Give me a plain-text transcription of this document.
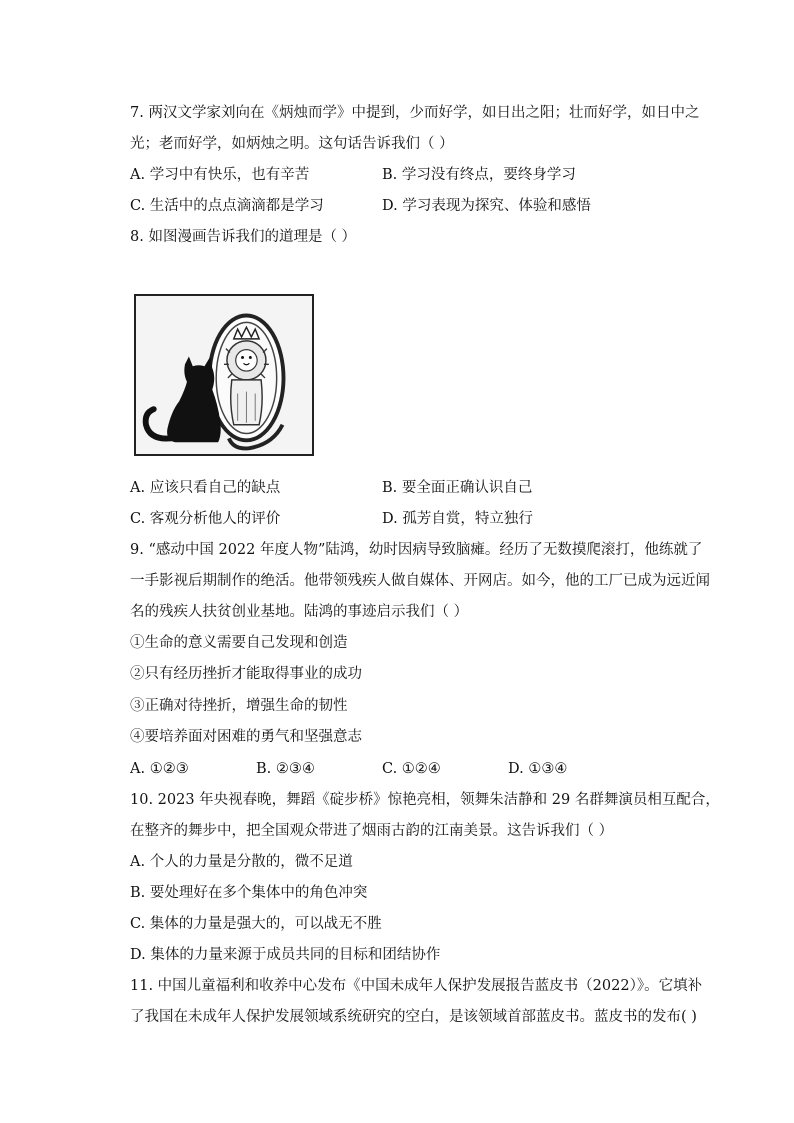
7. 两汉文学家刘向在《炳烛而学》中提到，少而好学，如日出之阳；壮而好学，如日中之
光；老而好学，如炳烛之明。这句话告诉我们（ ）
A. 学习中有快乐，也有辛苦	B. 学习没有终点，要终身学习
C. 生活中的点点滴滴都是学习	D. 学习表现为探究、体验和感悟
8. 如图漫画告诉我们的道理是（ ）
A. 应该只看自己的缺点	B. 要全面正确认识自己
C. 客观分析他人的评价	D. 孤芳自赏，特立独行
9. “感动中国 2022 年度人物”陆鸿，幼时因病导致脑瘫。经历了无数摸爬滚打，他练就了
一手影视后期制作的绝活。他带领残疾人做自媒体、开网店。如今，他的工厂已成为远近闻
名的残疾人扶贫创业基地。陆鸿的事迹启示我们（ ）
①生命的意义需要自己发现和创造
②只有经历挫折才能取得事业的成功
③正确对待挫折，增强生命的韧性
④要培养面对困难的勇气和坚强意志
A. ①②③	B. ②③④	C. ①②④	D. ①③④
10. 2023 年央视春晚，舞蹈《碇步桥》惊艳亮相，领舞朱洁静和 29 名群舞演员相互配合，
在整齐的舞步中，把全国观众带进了烟雨古韵的江南美景。这告诉我们（ ）
A. 个人的力量是分散的，微不足道
B. 要处理好在多个集体中的角色冲突
C. 集体的力量是强大的，可以战无不胜
D. 集体的力量来源于成员共同的目标和团结协作
11. 中国儿童福利和收养中心发布《中国未成年人保护发展报告蓝皮书（2022）》。它填补
了我国在未成年人保护发展领域系统研究的空白，是该领域首部蓝皮书。蓝皮书的发布( )
